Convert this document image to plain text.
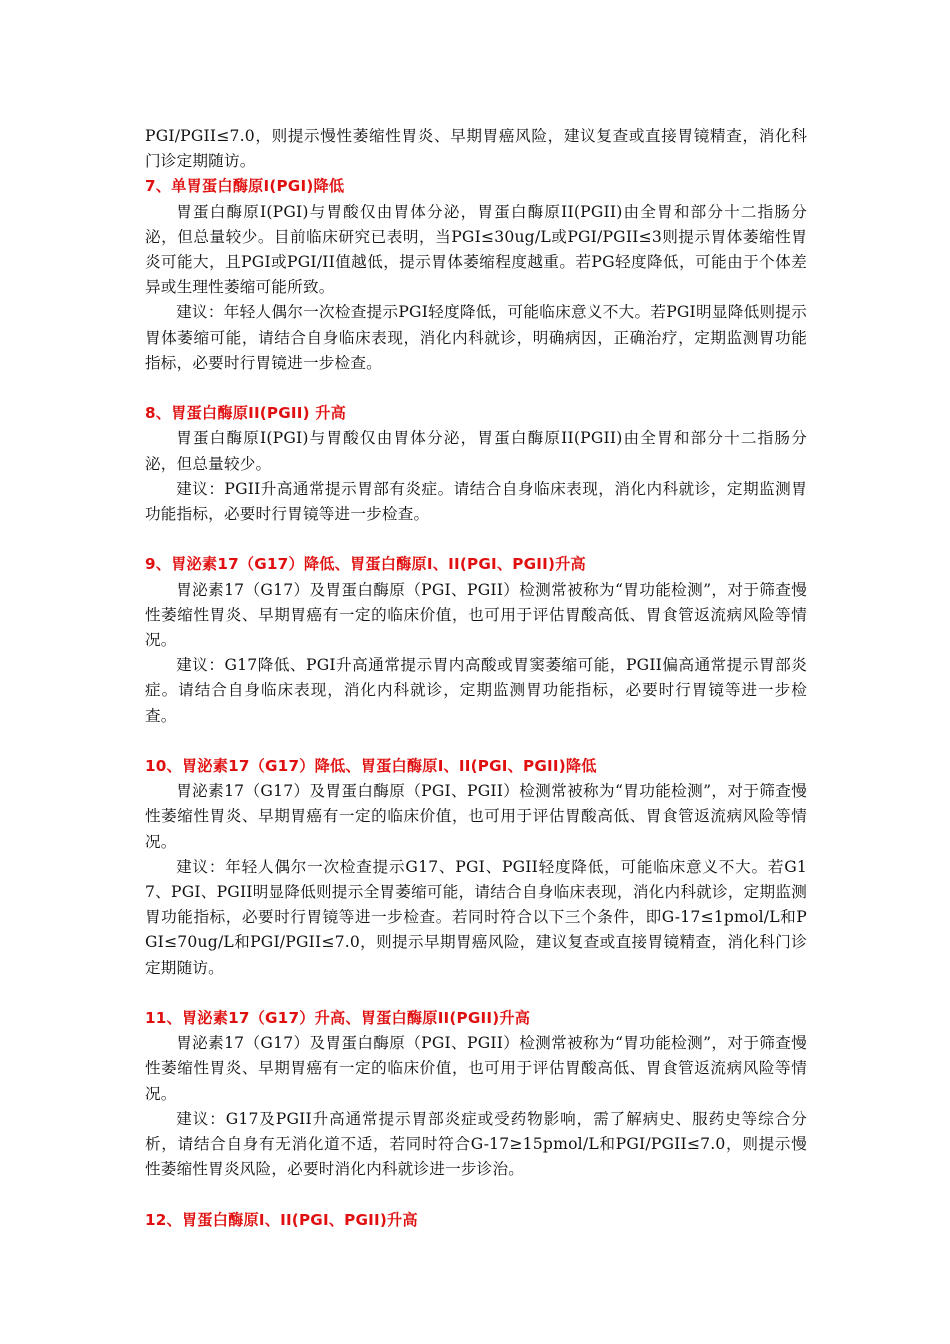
PGI/PGII≤7.0，则提示慢性萎缩性胃炎、早期胃癌风险，建议复查或直接胃镜精查，消化科门诊定期随访。

7、单胃蛋白酶原I(PGI)降低

胃蛋白酶原I(PGI)与胃酸仅由胃体分泌，胃蛋白酶原II(PGII)由全胃和部分十二指肠分泌，但总量较少。目前临床研究已表明，当PGI≤30ug/L或PGI/PGII≤3则提示胃体萎缩性胃炎可能大，且PGI或PGI/II值越低，提示胃体萎缩程度越重。若PG轻度降低，可能由于个体差异或生理性萎缩可能所致。

建议：年轻人偶尔一次检查提示PGI轻度降低，可能临床意义不大。若PGI明显降低则提示胃体萎缩可能，请结合自身临床表现，消化内科就诊，明确病因，正确治疗，定期监测胃功能指标，必要时行胃镜进一步检查。

8、胃蛋白酶原II(PGII) 升高

胃蛋白酶原I(PGI)与胃酸仅由胃体分泌，胃蛋白酶原II(PGII)由全胃和部分十二指肠分泌，但总量较少。

建议：PGII升高通常提示胃部有炎症。请结合自身临床表现，消化内科就诊，定期监测胃功能指标，必要时行胃镜等进一步检查。

9、胃泌素17（G17）降低、胃蛋白酶原I、II(PGI、PGII)升高

胃泌素17（G17）及胃蛋白酶原（PGI、PGII）检测常被称为“胃功能检测”，对于筛查慢性萎缩性胃炎、早期胃癌有一定的临床价值，也可用于评估胃酸高低、胃食管返流病风险等情况。

建议：G17降低、PGI升高通常提示胃内高酸或胃窦萎缩可能，PGII偏高通常提示胃部炎症。请结合自身临床表现，消化内科就诊，定期监测胃功能指标，必要时行胃镜等进一步检查。

10、胃泌素17（G17）降低、胃蛋白酶原I、II(PGI、PGII)降低

胃泌素17（G17）及胃蛋白酶原（PGI、PGII）检测常被称为“胃功能检测”，对于筛查慢性萎缩性胃炎、早期胃癌有一定的临床价值，也可用于评估胃酸高低、胃食管返流病风险等情况。

建议：年轻人偶尔一次检查提示G17、PGI、PGII轻度降低，可能临床意义不大。若G17、PGI、PGII明显降低则提示全胃萎缩可能，请结合自身临床表现，消化内科就诊，定期监测胃功能指标，必要时行胃镜等进一步检查。若同时符合以下三个条件，即G-17≤1pmol/L和PGI≤70ug/L和PGI/PGII≤7.0，则提示早期胃癌风险，建议复查或直接胃镜精查，消化科门诊定期随访。

11、胃泌素17（G17）升高、胃蛋白酶原II(PGII)升高

胃泌素17（G17）及胃蛋白酶原（PGI、PGII）检测常被称为“胃功能检测”，对于筛查慢性萎缩性胃炎、早期胃癌有一定的临床价值，也可用于评估胃酸高低、胃食管返流病风险等情况。

建议：G17及PGII升高通常提示胃部炎症或受药物影响，需了解病史、服药史等综合分析，请结合自身有无消化道不适，若同时符合G-17≥15pmol/L和PGI/PGII≤7.0，则提示慢性萎缩性胃炎风险，必要时消化内科就诊进一步诊治。

12、胃蛋白酶原I、II(PGI、PGII)升高
